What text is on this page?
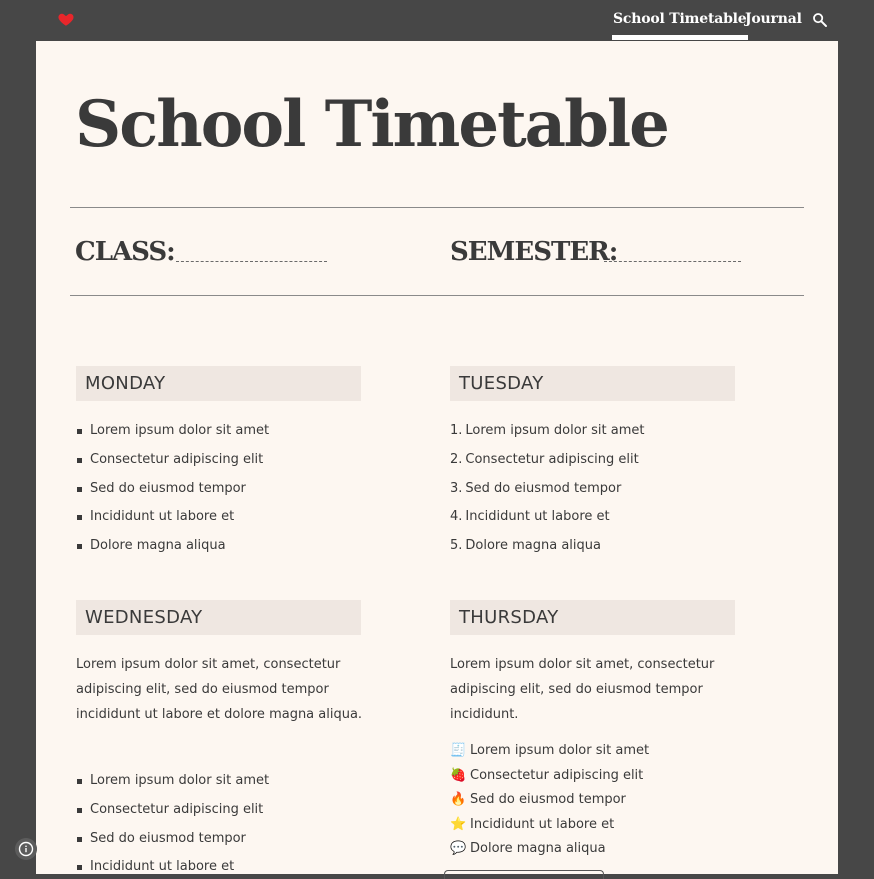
School Timetable
Journal
School Timetable
CLASS:	SEMESTER:
MONDAY
Lorem ipsum dolor sit amet
Consectetur adipiscing elit
Sed do eiusmod tempor
Incididunt ut labore et
Dolore magna aliqua
TUESDAY
1. Lorem ipsum dolor sit amet
2. Consectetur adipiscing elit
3. Sed do eiusmod tempor
4. Incididunt ut labore et
5. Dolore magna aliqua
WEDNESDAY

Lorem ipsum dolor sit amet, consectetur adipiscing elit, sed do eiusmod tempor incididunt ut labore et dolore magna aliqua.

Lorem ipsum dolor sit amet
Consectetur adipiscing elit
Sed do eiusmod tempor
Incididunt ut labore et
THURSDAY

Lorem ipsum dolor sit amet, consectetur adipiscing elit, sed do eiusmod tempor incididunt.

🧾 Lorem ipsum dolor sit amet
🍓 Consectetur adipiscing elit
🔥 Sed do eiusmod tempor
⭐ Incididunt ut labore et
💬 Dolore magna aliqua
